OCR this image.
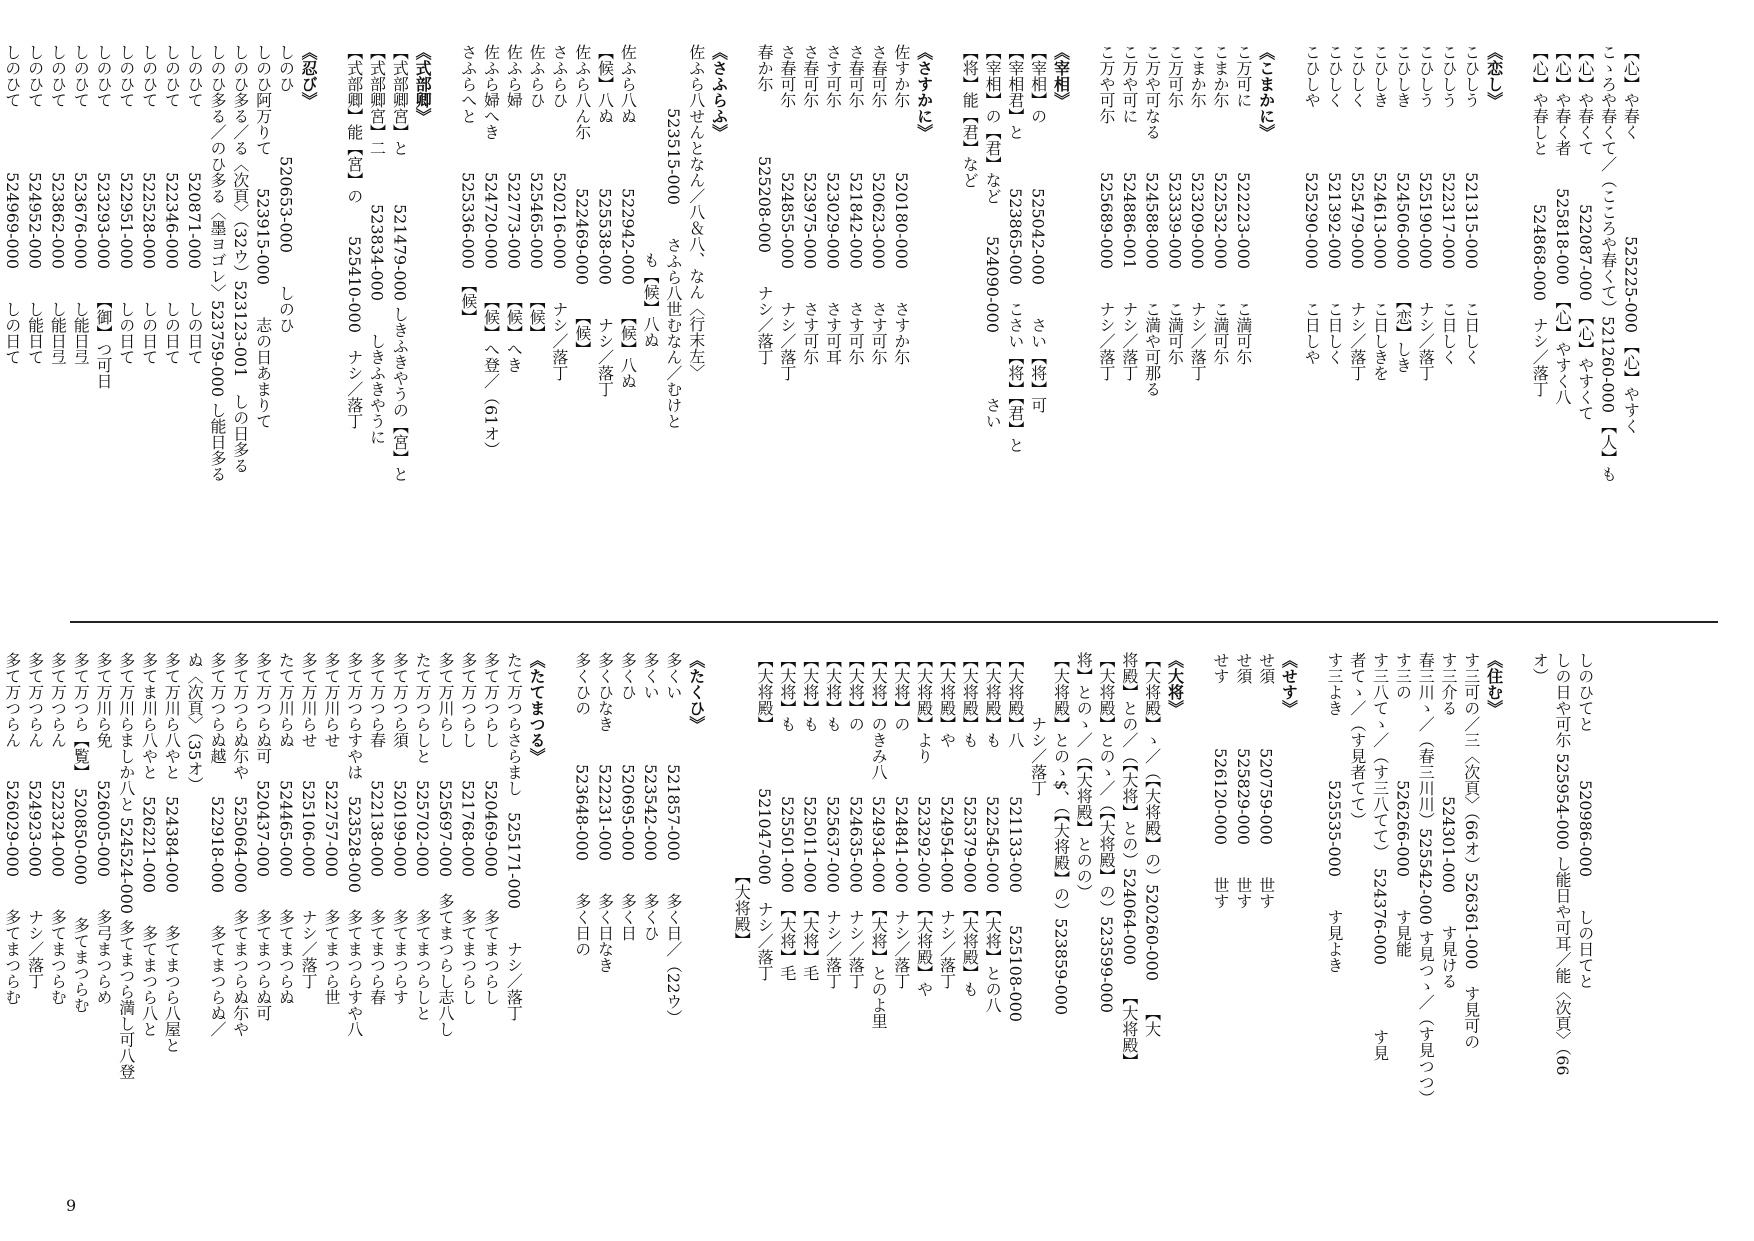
【心】や春く　　　　　　525225-000 【心】やすく
こゝろや春くて／（こころや春くて）521260-000 【人】も
【心】や春くて　　　522087-000　【心】やすくて
【心】や春く者　　525818-000　【心】やすく八
【心】や春しと　　　524868-000　ナシ／落丁

《恋し》
こひしう　　　　521315-000　　こ日しく
こひしう　　　　522317-000　　こ日しく
こひしう　　　　525190-000　　ナシ／落丁
こひしき　　　　524506-000　　【恋】しき
こひしき　　　　524613-000　　こ日しきを
こひしく　　　　525479-000　　ナシ／落丁
こひしく　　　　521392-000　　こ日しく
こひしや　　　　525290-000　　こ日しや

《こまかに》
こ万可に　　　　522223-000　　こ満可尓
こまか尓　　　　522532-000　　こ満可尓
こまか尓　　　　523209-000　　ナシ／落丁
こ万可尓　　　　523339-000　　こ満可尓
こ万や可なる　　524588-000　　こ満や可那る
こ万や可に　　　524886-001　　ナシ／落丁
こ万や可尓　　　525689-000　　ナシ／落丁

《宰相》
【宰相】の　　　　525042-000　　さい【将】可
【宰相君】と　　　523865-000　こさい【将】【君】と
【宰相】の【君】など　　524090-000　　　　さい
【将】能【君】など

《さすかに》
佐すか尓　　　　520180-000　　さすか尓
さ春可尓　　　　520623-000　　さす可尓
さ春可尓　　　　521842-000　　さす可尓
さす可尓　　　　523029-000　　さす可耳
さ春可尓　　　　523975-000　　さす可尓
さ春可尓　　　　524855-000　　ナシ／落丁
春か尓　　　　525208-000　　ナシ／落丁

《さふらふ》
佐ふら八せんとなん／八＆八、なん〈行末左〉
　　　　523515-000　　さふら八世むなん／むけと
　　　　　　　　　　　　　も【候】八ぬ
佐ふら八ぬ　　　　522942-000　　【候】八ぬ
【候】八ぬ　　　　525538-000　　ナシ／落丁
佐ふら八ん尓　　　522469-000　　【候】
さふらひ　　　　520216-000　　ナシ／落丁
佐ふらひ　　　　525465-000　　【候】
佐ふら婦　　　　522773-000　　【候】へき
佐ふら婦へき　　524720-000　　【候】へ登／（61オ）
さふらへと　　　525336-000　【候】

《式部卿》
【式部卿宮】と　　　521479-000 しきふきやうの【宮】と
【式部卿宮】二　　　523834-000　　しきふきやうに
【式部卿】能【宮】の　　525410-000　ナシ／落丁

《忍び》
しのひ　　　　520653-000　　しのひ
しのひ阿万りて　　523915-000　　志の日あまりて
しのひ多る／る〈次頁〉（32ウ）523123-001　しの日多る
しのひ多る／のひ多る〈墨ヨゴレ〉523759-000 し能日多る
しのひて　　　　520871-000　　しの日て
しのひて　　　　522346-000　　しの日て
しのひて　　　　522528-000　　しの日て
しのひて　　　　522951-000　　しの日て
しのひて　　　　523293-000　　【御】つ可日
しのひて　　　　523676-000　　し能日弖
しのひて　　　　523862-000　　し能日弖
しのひて　　　　524952-000　　し能日て
しのひて　　　　524969-000　　しの日て
しのひてと　　　520986-000　　しの日てと
しの日や可尓 525954-000 し能日や可耳／能〈次頁〉（66
オ）

《住む》
す三可の／三〈次頁〉（66オ）526361-000　す見可の
す三介る　　　　　524301-000　　す見ける
春三川ゝ／（春三川川）525542-000 す見つゝ／（す見つつ）
す三の　　　　　526266-000　　す見能
す三八てゝ／（す三八てて）　524376-000　　　　す見
者てゝ／（す見者てて）
す三よき　　　　525535-000　　す見よき

《せす》
せ須　　　　520759-000　　世す
せ須　　　　525829-000　　世す
せす　　　　526120-000　　世す

《大将》
【大将殿】ゝ／（【大将殿】の）520260-000　　【大
将殿】との／（【大将】との）524064-000　　【大将殿】
【大将殿】とのゝ／（【大将殿】の）523599-000
将】とのゝ／（【大将殿】とのの）
【大将殿】とのゝ$、（【大将殿】の）523859-000
　　　　ナシ／落丁
【大将殿】八　　　521133-000　　525108-000
【大将殿】も　　　522545-000　【大将】との八
【大将殿】も　　　525379-000　【大将殿】も
【大将殿】や　　　524954-000　ナシ／落丁
【大将殿】より　　523292-000　【大将殿】や
【大将】の　　　　524841-000　ナシ／落丁
【大将】のきみ八　524934-000　【大将】とのよ里
【大将】の　　　　524635-000　ナシ／落丁
【大将】も　　　　525637-000　ナシ／落丁
【大将】も　　　　525011-000　【大将】毛
【大将】も　　　　525501-000　【大将】毛
【大将殿】　　　　521047-000　ナシ／落丁
　　　　　　　　　　　　　　【大将殿】

《たくひ》
多くい　　　　521857-000　　多く日／（22ウ）
多くい　　　　523542-000　　多くひ
多くひ　　　　520695-000　　多く日
多くひなき　　522231-000　　多く日なき
多くひの　　　523648-000　　多く日の

《たてまつる》
たて万つらさらまし　525171-000　　ナシ／落丁
多て万つらし　　520469-000　　多てまつらし
多て万つらし　　521768-000　　多てまつらし
多て万川らし　　525697-000　多てまつらし志八し
たて万つらしと　525702-000　　多てまつらしと
多て万つら須　　520199-000　　多てまつらす
多て万つら春　　522138-000　　多てまつら春
多て万つらすやは　523528-000　多てまつらすや八
多て万川らせ　　522757-000　　多てまつら世
多て万川らせ　　525106-000　　ナシ／落丁
たて万川らぬ　　524465-000　　多てまつらぬ
多て万つらぬ可　520437-000　　多てまつらぬ可
多て万つらぬ尓や　525064-000　多てまつらぬ尓や
多て万つらぬ越　　522918-000　　多てまつらぬ／
ぬ〈次頁〉（35オ）
多て万川ら八やと　524384-000　　多てまつら八屋と
多てま川ら八やと　526221-000　　多てまつら八と
多て万川らましか八と 524524-000 多てまつら満し可八登
多て万川ら免　　526005-000　　多弓まつらめ
多て万つら【覧】　520850-000　　多てまつらむ
多て万つらん　　522324-000　　多てまつらむ
多て万つらん　　524923-000　　ナシ／落丁
多て万つらん　　526029-000　　多てまつらむ
9
